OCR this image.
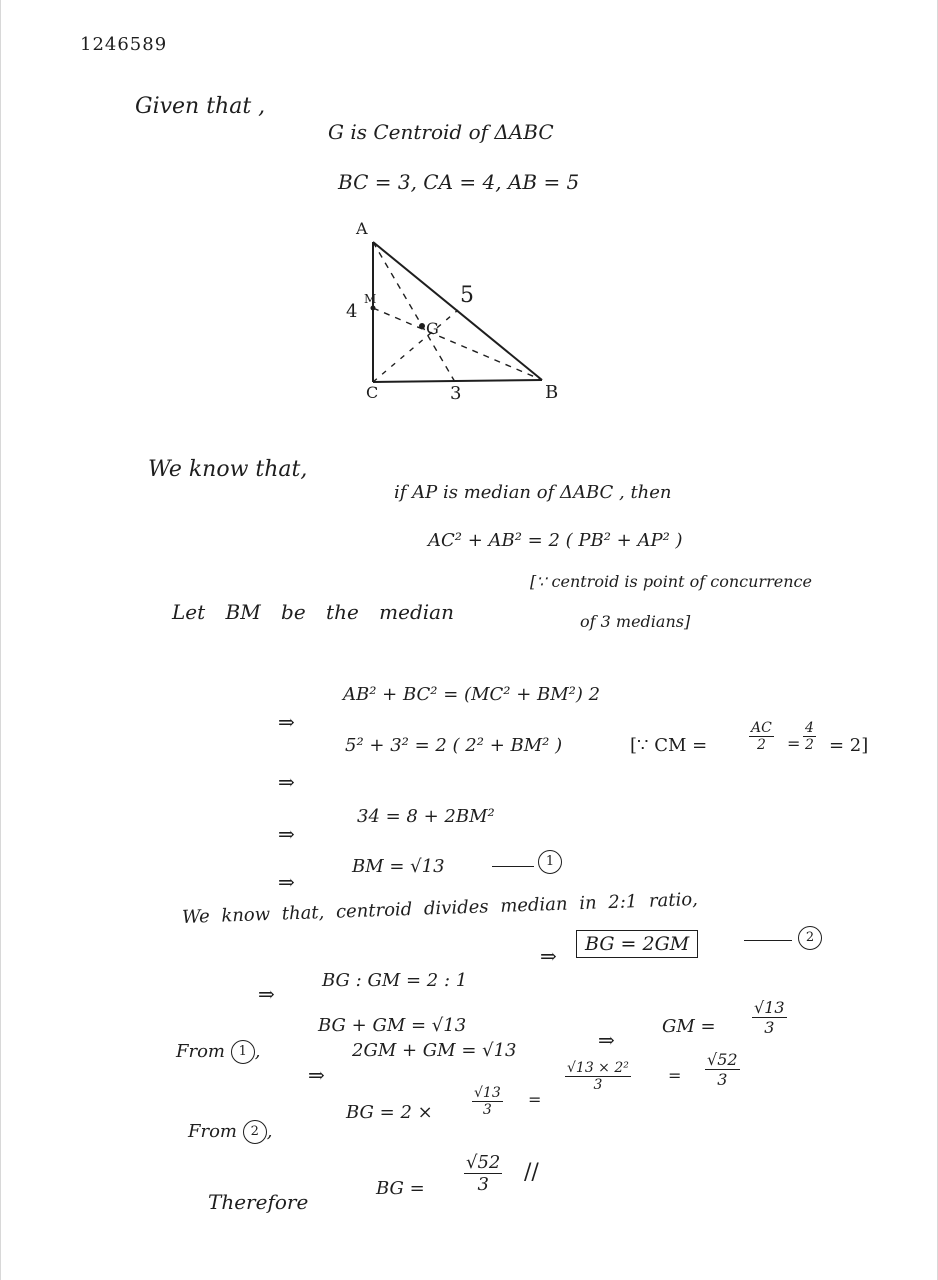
1246589
Given that ,
G is Centroid of ΔABC
BC = 3, CA = 4, AB = 5
A
B
C
M
G
4
5
3
We know that,
if AP is median of ΔABC , then
AC² + AB² = 2 ( PB² + AP² )
Let BM be the median
[∵ centroid is point of concurrence
of 3 medians]
⇒
AB² + BC² = (MC² + BM²) 2
⇒
5² + 3² = 2 ( 2² + BM² )	[∵ CM =	$\frac{AC}{2} = \frac{4}{2} = 2$]
⇒
34 = 8 + 2BM²
⇒
BM = √13	1
We know that, centroid divides median in 2:1 ratio,
⇒
BG : GM = 2 : 1
⇒	BG = 2GM	2
From 1 ,
BG + GM = √13
⇒
2GM + GM = √13	⇒
GM = $\frac{√13}{3}$
From 2 ,
BG = 2 ×	$\frac{√13}{3}$ =
$\frac{\text{√13 × 2²}}{3} = \frac{√52}{3}$
Therefore
BG = $\frac{√52}{3}$ //
